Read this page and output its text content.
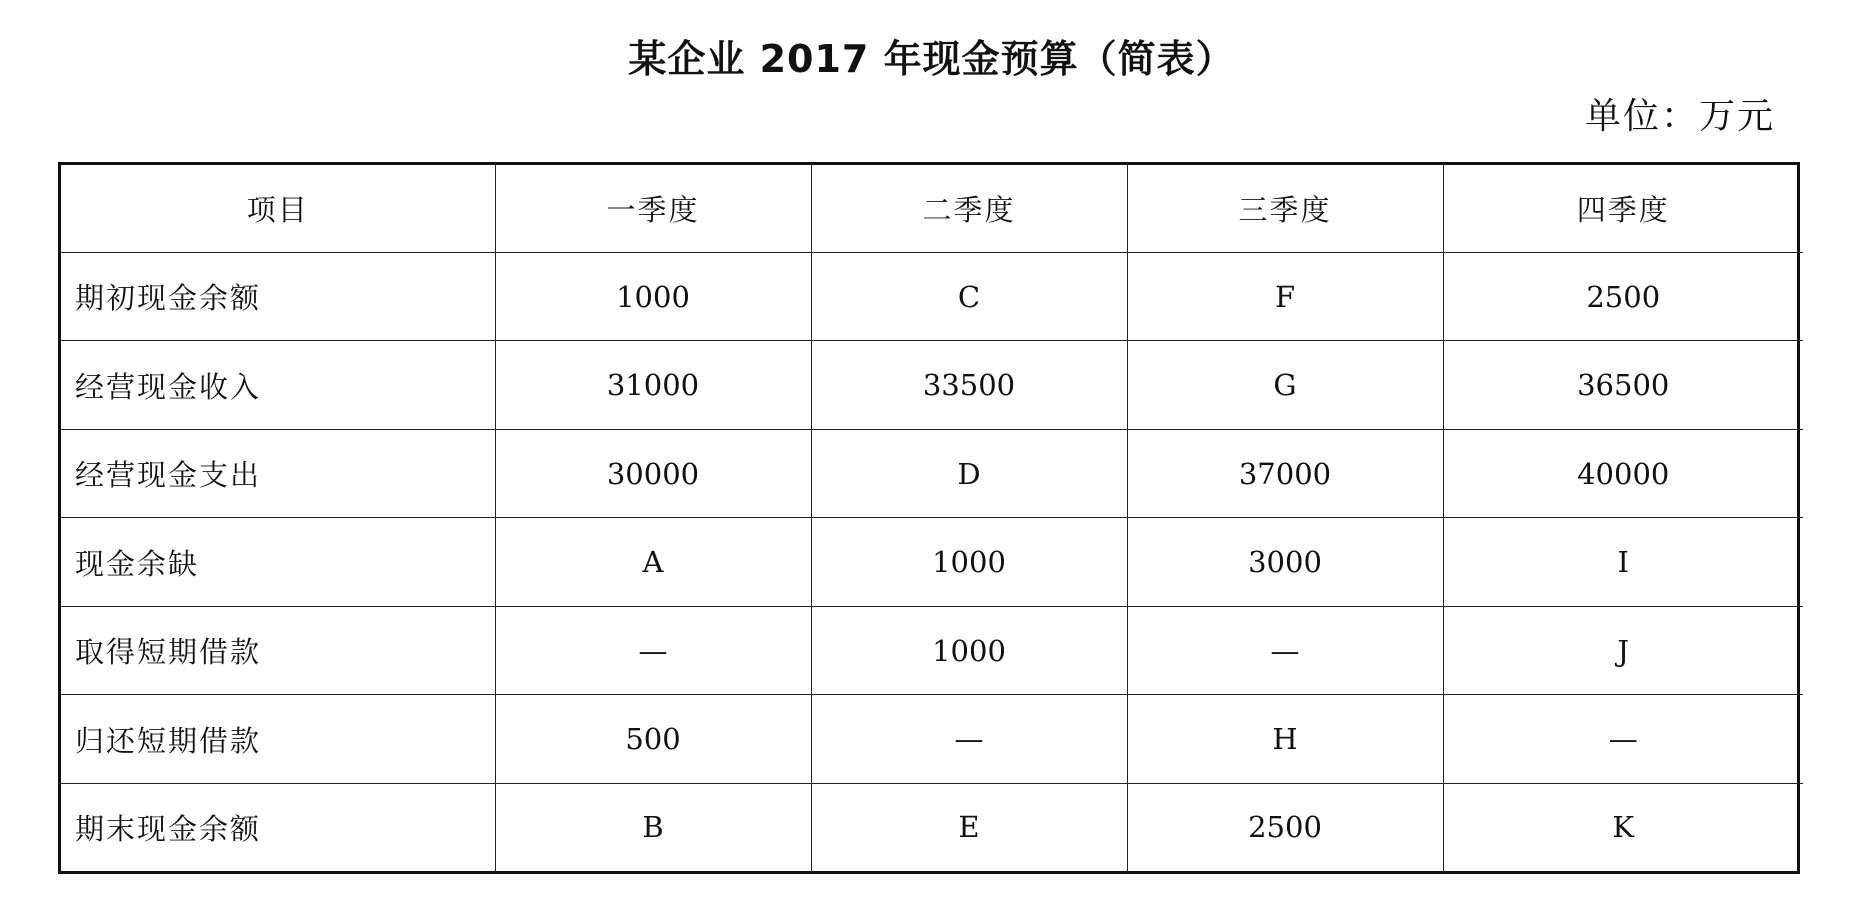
某企业 2017 年现金预算（简表）
单位：万元
项目	一季度	二季度	三季度	四季度
期初现金余额	1000	C	F	2500
经营现金收入	31000	33500	G	36500
经营现金支出	30000	D	37000	40000
现金余缺	A	1000	3000	I
取得短期借款	—	1000	—	J
归还短期借款	500	—	H	—
期末现金余额	B	E	2500	K
